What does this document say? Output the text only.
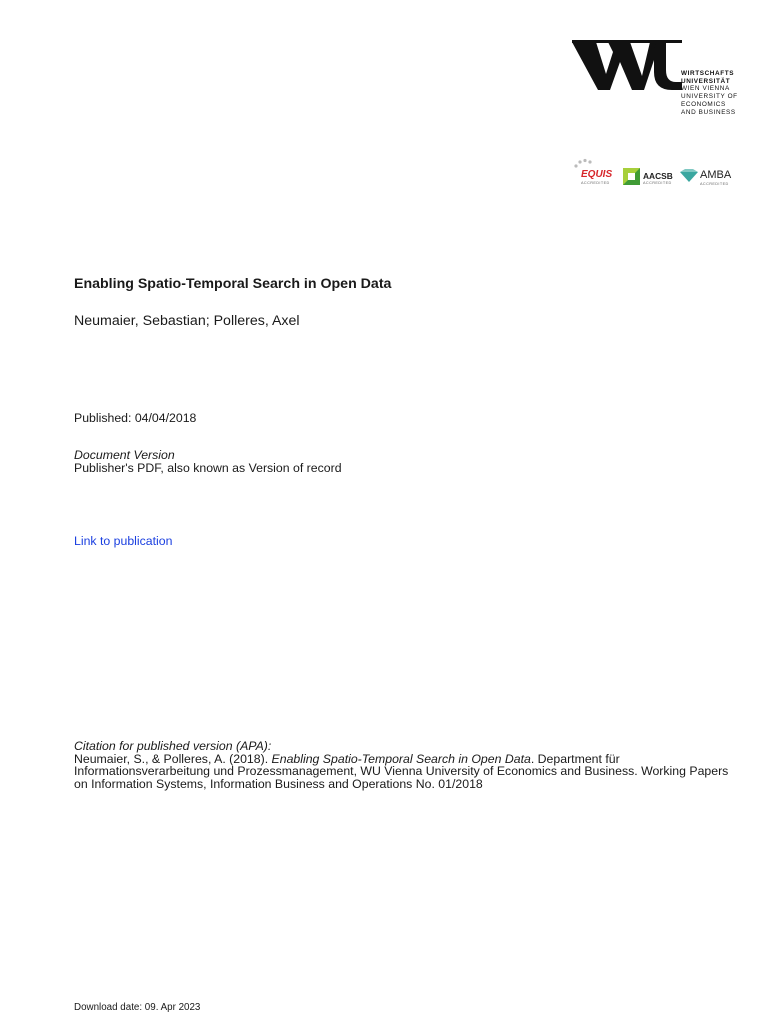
WIRTSCHAFTS
UNIVERSITÄT
WIEN VIENNA
UNIVERSITY OF
ECONOMICS
AND BUSINESS
EQUIS
ACCREDITED
AACSB
ACCREDITED
AMBA
ACCREDITED
Enabling Spatio-Temporal Search in Open Data
Neumaier, Sebastian; Polleres, Axel
Published: 04/04/2018
Document Version
Publisher's PDF, also known as Version of record
Link to publication
Citation for published version (APA):
Neumaier, S., & Polleres, A. (2018). Enabling Spatio-Temporal Search in Open Data. Department für Informationsverarbeitung und Prozessmanagement, WU Vienna University of Economics and Business. Working Papers on Information Systems, Information Business and Operations No. 01/2018
Download date: 09. Apr 2023
